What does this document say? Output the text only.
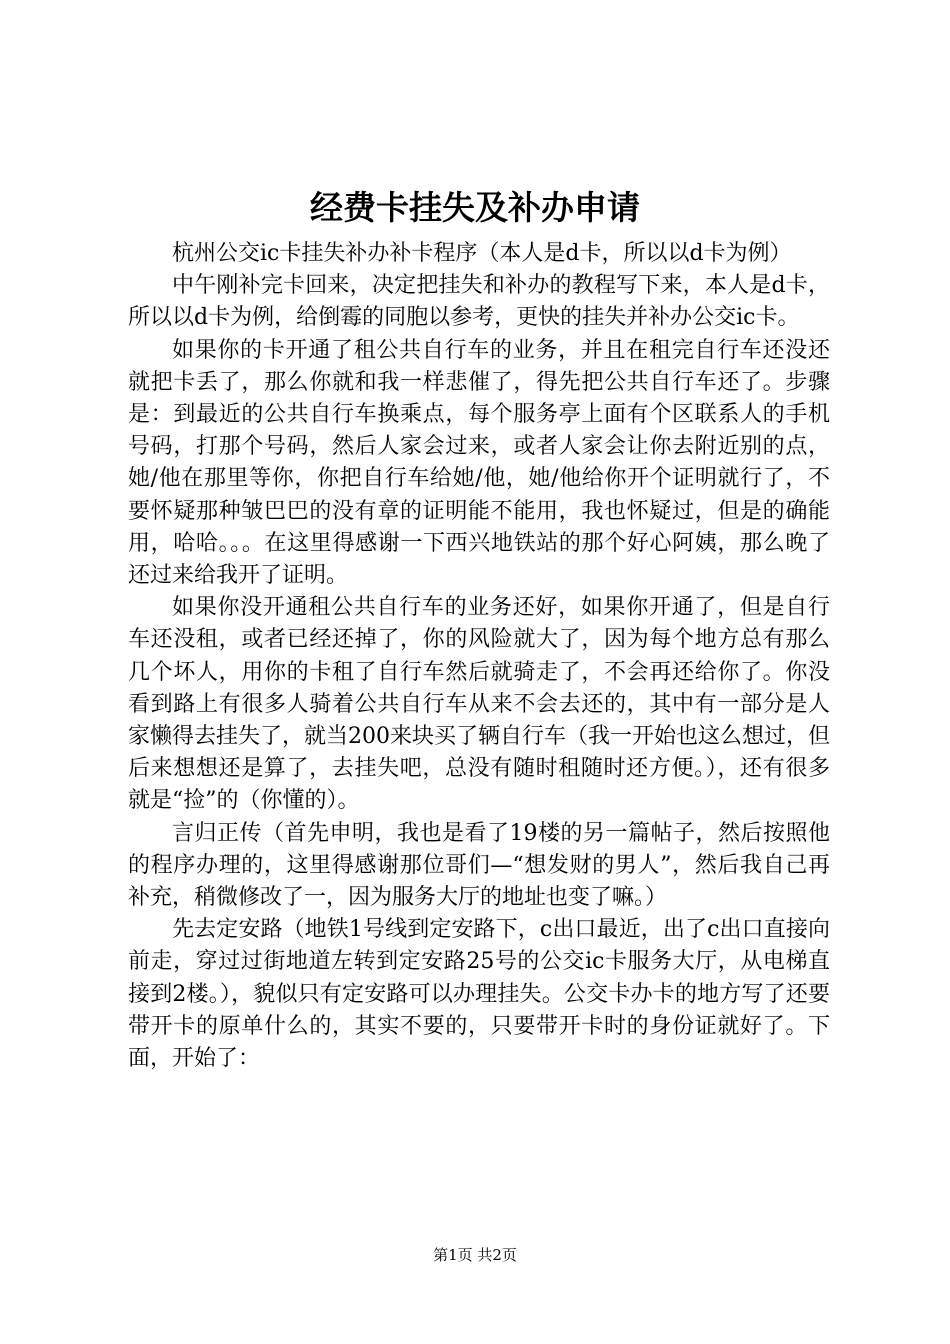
经费卡挂失及补办申请

杭州公交ic卡挂失补办补卡程序（本人是d卡，所以以d卡为例）

中午刚补完卡回来，决定把挂失和补办的教程写下来，本人是d卡，所以以d卡为例，给倒霉的同胞以参考，更快的挂失并补办公交ic卡。

如果你的卡开通了租公共自行车的业务，并且在租完自行车还没还就把卡丢了，那么你就和我一样悲催了，得先把公共自行车还了。步骤是：到最近的公共自行车换乘点，每个服务亭上面有个区联系人的手机号码，打那个号码，然后人家会过来，或者人家会让你去附近别的点，她/他在那里等你，你把自行车给她/他，她/他给你开个证明就行了，不要怀疑那种皱巴巴的没有章的证明能不能用，我也怀疑过，但是的确能用，哈哈。。。在这里得感谢一下西兴地铁站的那个好心阿姨，那么晚了还过来给我开了证明。

如果你没开通租公共自行车的业务还好，如果你开通了，但是自行车还没租，或者已经还掉了，你的风险就大了，因为每个地方总有那么几个坏人，用你的卡租了自行车然后就骑走了，不会再还给你了。你没看到路上有很多人骑着公共自行车从来不会去还的，其中有一部分是人家懒得去挂失了，就当200来块买了辆自行车（我一开始也这么想过，但后来想想还是算了，去挂失吧，总没有随时租随时还方便。），还有很多就是“捡”的（你懂的）。

言归正传（首先申明，我也是看了19楼的另一篇帖子，然后按照他的程序办理的，这里得感谢那位哥们—“想发财的男人”，然后我自己再补充，稍微修改了一，因为服务大厅的地址也变了嘛。）

先去定安路（地铁1号线到定安路下，c出口最近，出了c出口直接向前走，穿过过街地道左转到定安路25号的公交ic卡服务大厅，从电梯直接到2楼。），貌似只有定安路可以办理挂失。公交卡办卡的地方写了还要带开卡的原单什么的，其实不要的，只要带开卡时的身份证就好了。下面，开始了：

第1页 共2页
